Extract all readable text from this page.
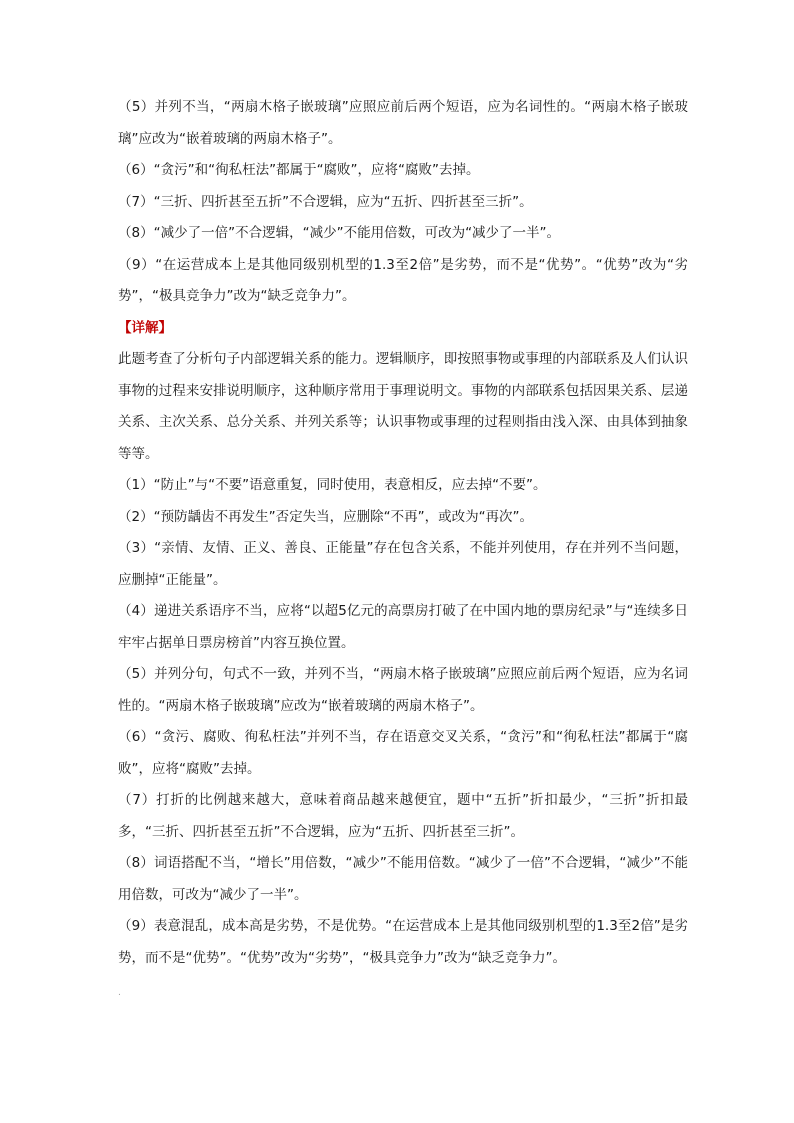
（5）并列不当，“两扇木格子嵌玻璃”应照应前后两个短语，应为名词性的。“两扇木格子嵌玻璃”应改为“嵌着玻璃的两扇木格子”。

（6）“贪污”和“徇私枉法”都属于“腐败”，应将“腐败”去掉。

（7）“三折、四折甚至五折”不合逻辑，应为“五折、四折甚至三折”。

（8）“减少了一倍”不合逻辑，“减少”不能用倍数，可改为“减少了一半”。

（9）“在运营成本上是其他同级别机型的1.3至2倍”是劣势，而不是“优势”。“优势”改为“劣势”，“极具竞争力”改为“缺乏竞争力”。

【详解】

此题考查了分析句子内部逻辑关系的能力。逻辑顺序，即按照事物或事理的内部联系及人们认识事物的过程来安排说明顺序，这种顺序常用于事理说明文。事物的内部联系包括因果关系、层递关系、主次关系、总分关系、并列关系等；认识事物或事理的过程则指由浅入深、由具体到抽象等等。

（1）“防止”与“不要”语意重复，同时使用，表意相反，应去掉“不要”。

（2）“预防龋齿不再发生”否定失当，应删除“不再”，或改为“再次”。

（3）“亲情、友情、正义、善良、正能量”存在包含关系，不能并列使用，存在并列不当问题，应删掉“正能量”。

（4）递进关系语序不当，应将“以超5亿元的高票房打破了在中国内地的票房纪录”与“连续多日牢牢占据单日票房榜首”内容互换位置。

（5）并列分句，句式不一致，并列不当，“两扇木格子嵌玻璃”应照应前后两个短语，应为名词性的。“两扇木格子嵌玻璃”应改为“嵌着玻璃的两扇木格子”。

（6）“贪污、腐败、徇私枉法”并列不当，存在语意交叉关系，“贪污”和“徇私枉法”都属于“腐败”，应将“腐败”去掉。

（7）打折的比例越来越大，意味着商品越来越便宜，题中“五折”折扣最少，“三折”折扣最多，“三折、四折甚至五折”不合逻辑，应为“五折、四折甚至三折”。

（8）词语搭配不当，“增长”用倍数，“减少”不能用倍数。“减少了一倍”不合逻辑，“减少”不能用倍数，可改为“减少了一半”。

（9）表意混乱，成本高是劣势，不是优势。“在运营成本上是其他同级别机型的1.3至2倍”是劣势，而不是“优势”。“优势”改为“劣势”，“极具竞争力”改为“缺乏竞争力”。

.
